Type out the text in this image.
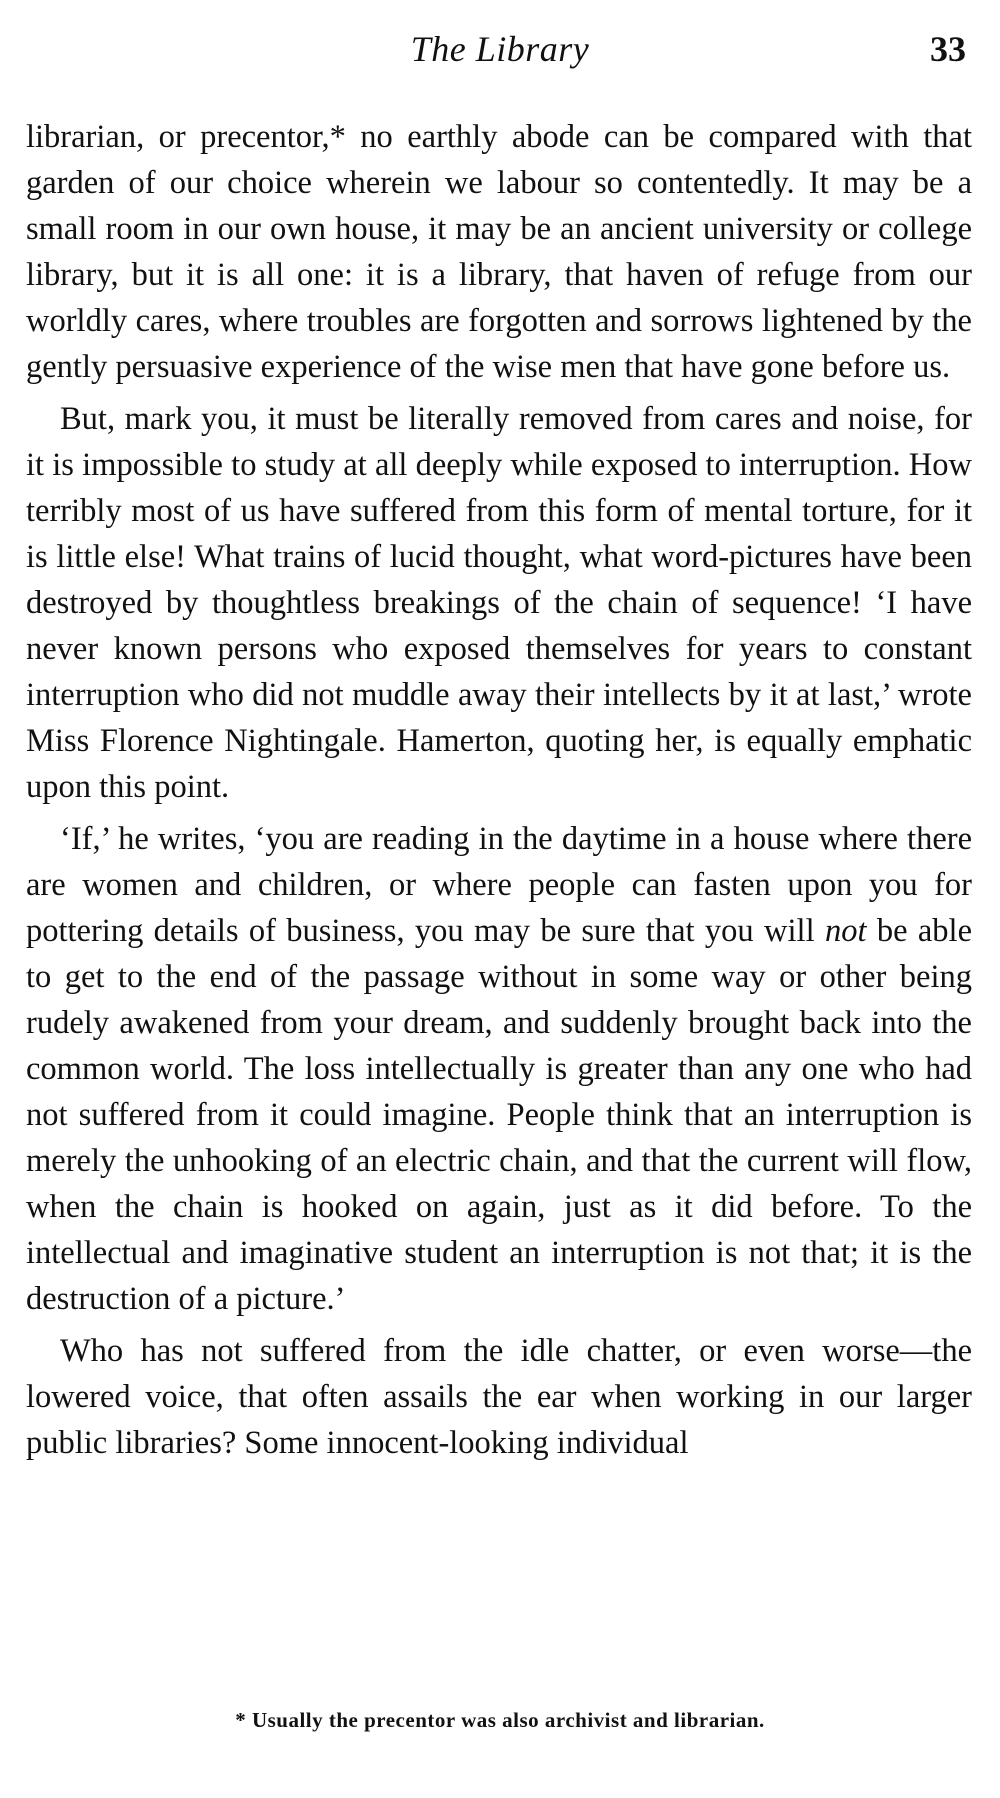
The Library	33

librarian, or precentor,* no earthly abode can be compared with that garden of our choice wherein we labour so contentedly. It may be a small room in our own house, it may be an ancient university or college library, but it is all one: it is a library, that haven of refuge from our worldly cares, where troubles are forgotten and sorrows lightened by the gently persuasive experience of the wise men that have gone before us.

But, mark you, it must be literally removed from cares and noise, for it is impossible to study at all deeply while exposed to interruption. How terribly most of us have suffered from this form of mental torture, for it is little else! What trains of lucid thought, what word-pictures have been destroyed by thoughtless breakings of the chain of sequence! ‘I have never known persons who exposed themselves for years to constant interruption who did not muddle away their intellects by it at last,’ wrote Miss Florence Nightingale. Hamerton, quoting her, is equally emphatic upon this point.

‘If,’ he writes, ‘you are reading in the daytime in a house where there are women and children, or where people can fasten upon you for pottering details of business, you may be sure that you will not be able to get to the end of the passage without in some way or other being rudely awakened from your dream, and suddenly brought back into the common world. The loss intellectually is greater than any one who had not suffered from it could imagine. People think that an interruption is merely the unhooking of an electric chain, and that the current will flow, when the chain is hooked on again, just as it did before. To the intellectual and imaginative student an interruption is not that; it is the destruction of a picture.’

Who has not suffered from the idle chatter, or even worse—the lowered voice, that often assails the ear when working in our larger public libraries? Some innocent-looking individual

* Usually the precentor was also archivist and librarian.
